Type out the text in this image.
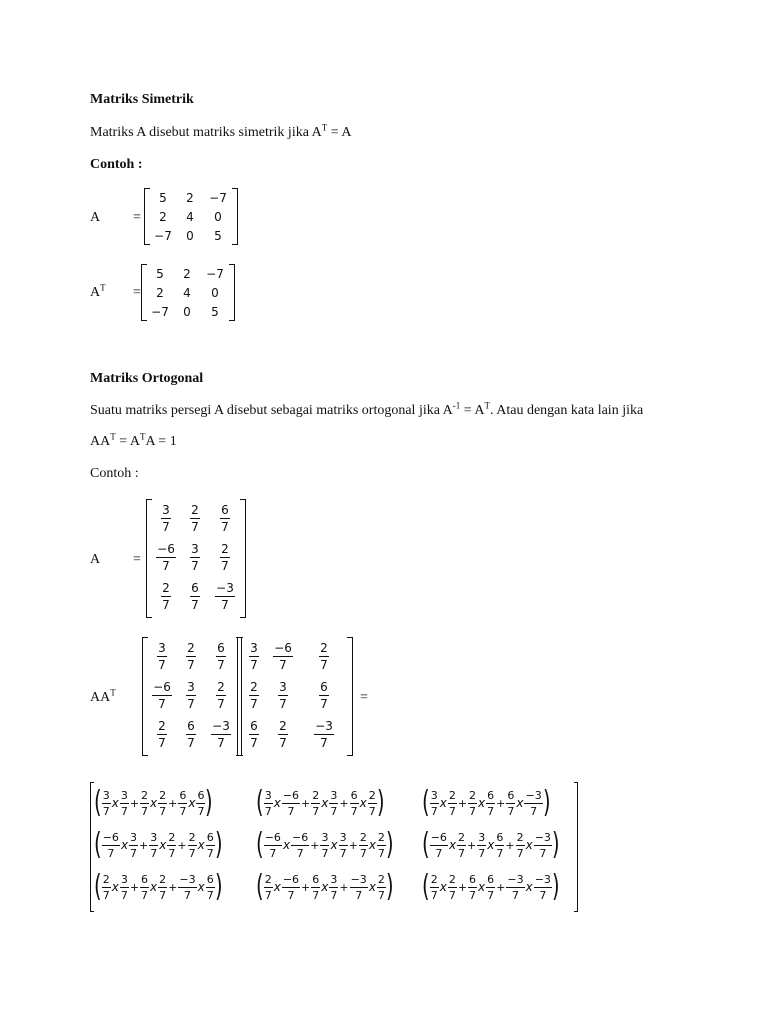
Matriks Simetrik
Matriks A disebut matriks simetrik jika $A^T = A$
Contoh :
A =
5 2 −7
2 4 0
−7 0 5
$A^T$ =
5 2 −7
2 4 0
−7 0 5
Matriks Ortogonal
Suatu matriks persegi A disebut sebagai matriks ortogonal jika $A^{-1} = A^T$. Atau dengan kata lain jika
$AA^T = A^TA = 1$
Contoh :
A =
$\frac{3}{7} \frac{2}{7} \frac{6}{7}$
$\frac{-6}{7} \frac{3}{7} \frac{2}{7}$
$\frac{2}{7} \frac{6}{7} \frac{-3}{7}$
$AA^T$
$\frac{3}{7} \frac{2}{7} \frac{6}{7}$
$\frac{-6}{7} \frac{3}{7} \frac{2}{7}$
$\frac{2}{7} \frac{6}{7} \frac{-3}{7}$
$\frac{3}{7} \frac{-6}{7} \frac{2}{7}$
$\frac{2}{7} \frac{3}{7}$	$\frac{6}{7}$
$\frac{6}{7} \frac{2}{7} \frac{-3}{7}$
=
( $\frac{3}{7}$ x $\frac{3}{7} + \frac{2}{7}$ x $\frac{2}{7} + \frac{6}{7}$ x $\frac{6}{7}$ ) ( $\frac{3}{7}$ x $\frac{-6}{7} + \frac{2}{7}$ x $\frac{3}{7} + \frac{6}{7}$ x $\frac{2}{7}$ ) ( $\frac{3}{7}$ x $\frac{2}{7} + \frac{2}{7}$ x $\frac{6}{7} + \frac{6}{7}$ x $\frac{-3}{7}$ )
( $\frac{-6}{7}$ x $\frac{3}{7} + \frac{3}{7}$ x $\frac{2}{7} + \frac{2}{7}$ x $\frac{6}{7}$ ) ( $\frac{-6}{7}$ x $\frac{-6}{7} + \frac{3}{7}$ x $\frac{3}{7} + \frac{2}{7}$ x $\frac{2}{7}$ ) ( $\frac{-6}{7}$ x $\frac{2}{7} + \frac{3}{7}$ x $\frac{6}{7} + \frac{2}{7}$ x $\frac{-3}{7}$ )
( $\frac{2}{7}$ x $\frac{3}{7} + \frac{6}{7}$ x $\frac{2}{7} + \frac{-3}{7}$ x $\frac{6}{7}$ ) ( $\frac{2}{7}$ x $\frac{-6}{7} + \frac{6}{7}$ x $\frac{3}{7} + \frac{-3}{7}$ x $\frac{2}{7}$ ) ( $\frac{2}{7}$ x $\frac{2}{7} + \frac{6}{7}$ x $\frac{6}{7} + \frac{-3}{7}$ x $\frac{-3}{7}$ )
